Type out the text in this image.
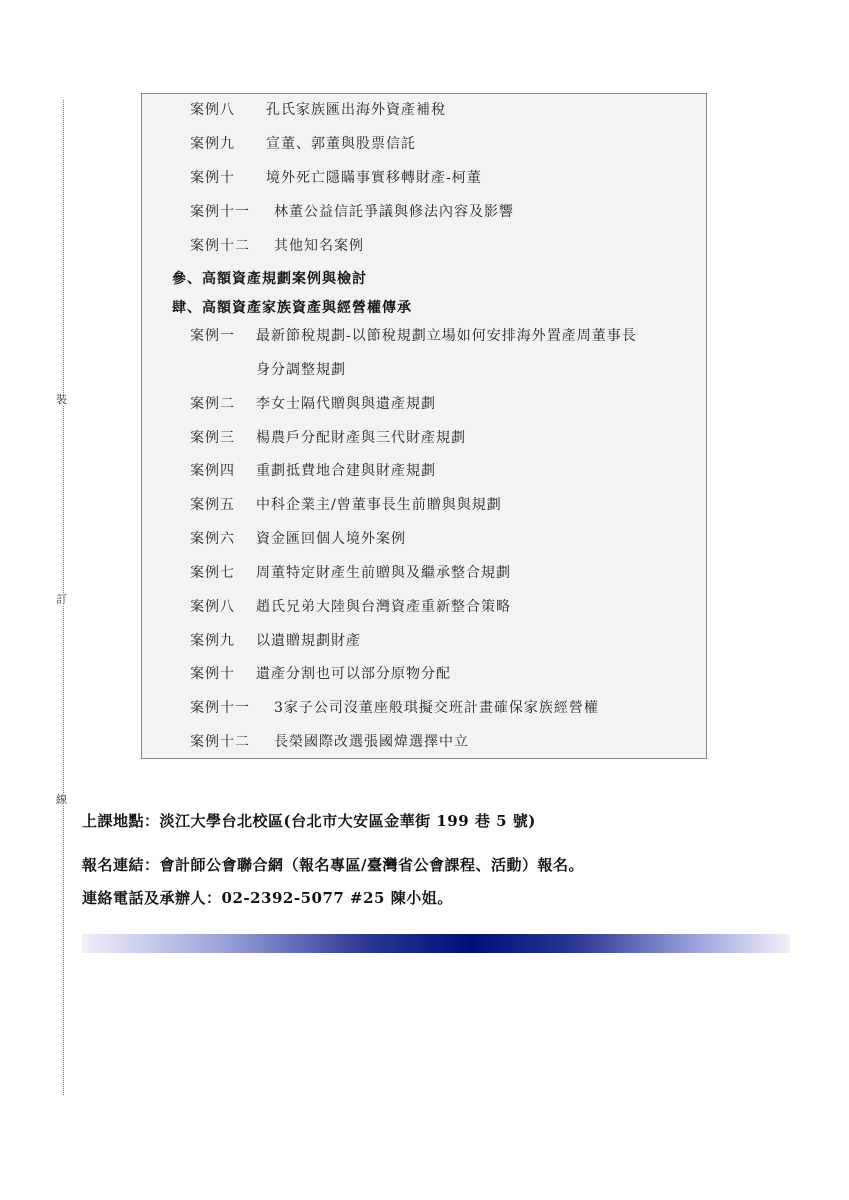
裝
訂
線
案例八 孔氏家族匯出海外資產補稅
案例九 宣董、郭董與股票信託
案例十 境外死亡隱瞞事實移轉財產-柯董
案例十一 林董公益信託爭議與修法內容及影響
案例十二 其他知名案例
參、高額資產規劃案例與檢討
肆、高額資產家族資產與經營權傳承
案例一 最新節稅規劃-以節稅規劃立場如何安排海外置產周董事長
身分調整規劃
案例二 李女士隔代贈與與遺產規劃
案例三 楊農戶分配財產與三代財產規劃
案例四 重劃抵費地合建與財產規劃
案例五 中科企業主/曾董事長生前贈與與規劃
案例六 資金匯回個人境外案例
案例七 周董特定財產生前贈與及繼承整合規劃
案例八 趙氏兄弟大陸與台灣資產重新整合策略
案例九 以遺贈規劃財產
案例十 遺產分割也可以部分原物分配
案例十一 3家子公司沒董座般琪擬交班計畫確保家族經營權
案例十二 長榮國際改選張國煒選擇中立
上課地點：淡江大學台北校區(台北市大安區金華街 199 巷 5 號)
報名連結：會計師公會聯合網（報名專區/臺灣省公會課程、活動）報名。
連絡電話及承辦人：02-2392-5077 #25 陳小姐。
